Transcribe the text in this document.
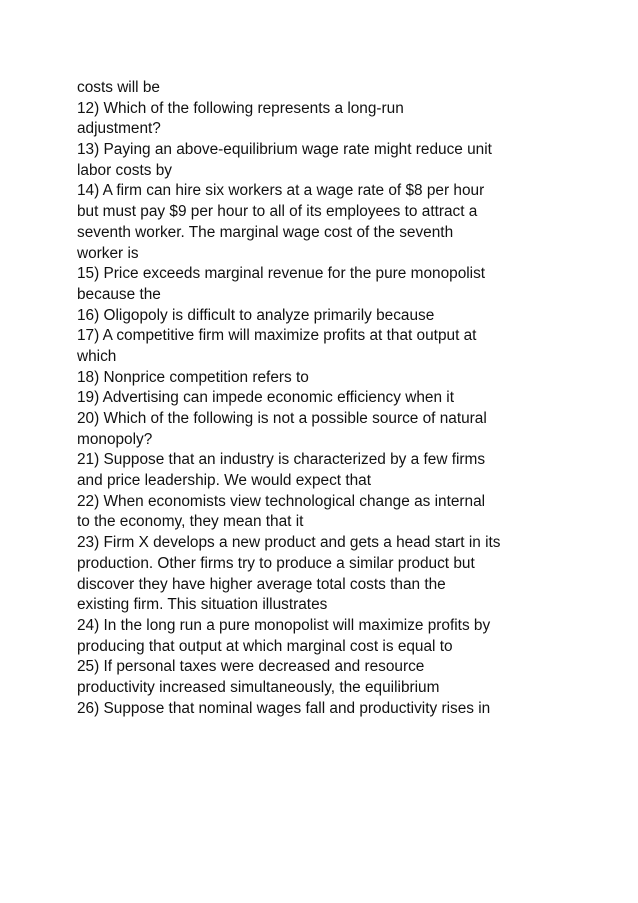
costs will be
12) Which of the following represents a long-run
adjustment?
13) Paying an above-equilibrium wage rate might reduce unit
labor costs by
14) A firm can hire six workers at a wage rate of $8 per hour
but must pay $9 per hour to all of its employees to attract a
seventh worker. The marginal wage cost of the seventh
worker is
15) Price exceeds marginal revenue for the pure monopolist
because the
16) Oligopoly is difficult to analyze primarily because
17) A competitive firm will maximize profits at that output at
which
18) Nonprice competition refers to
19) Advertising can impede economic efficiency when it
20) Which of the following is not a possible source of natural
monopoly?
21) Suppose that an industry is characterized by a few firms
and price leadership. We would expect that
22) When economists view technological change as internal
to the economy, they mean that it
23) Firm X develops a new product and gets a head start in its
production. Other firms try to produce a similar product but
discover they have higher average total costs than the
existing firm. This situation illustrates
24) In the long run a pure monopolist will maximize profits by
producing that output at which marginal cost is equal to
25) If personal taxes were decreased and resource
productivity increased simultaneously, the equilibrium
26) Suppose that nominal wages fall and productivity rises in
